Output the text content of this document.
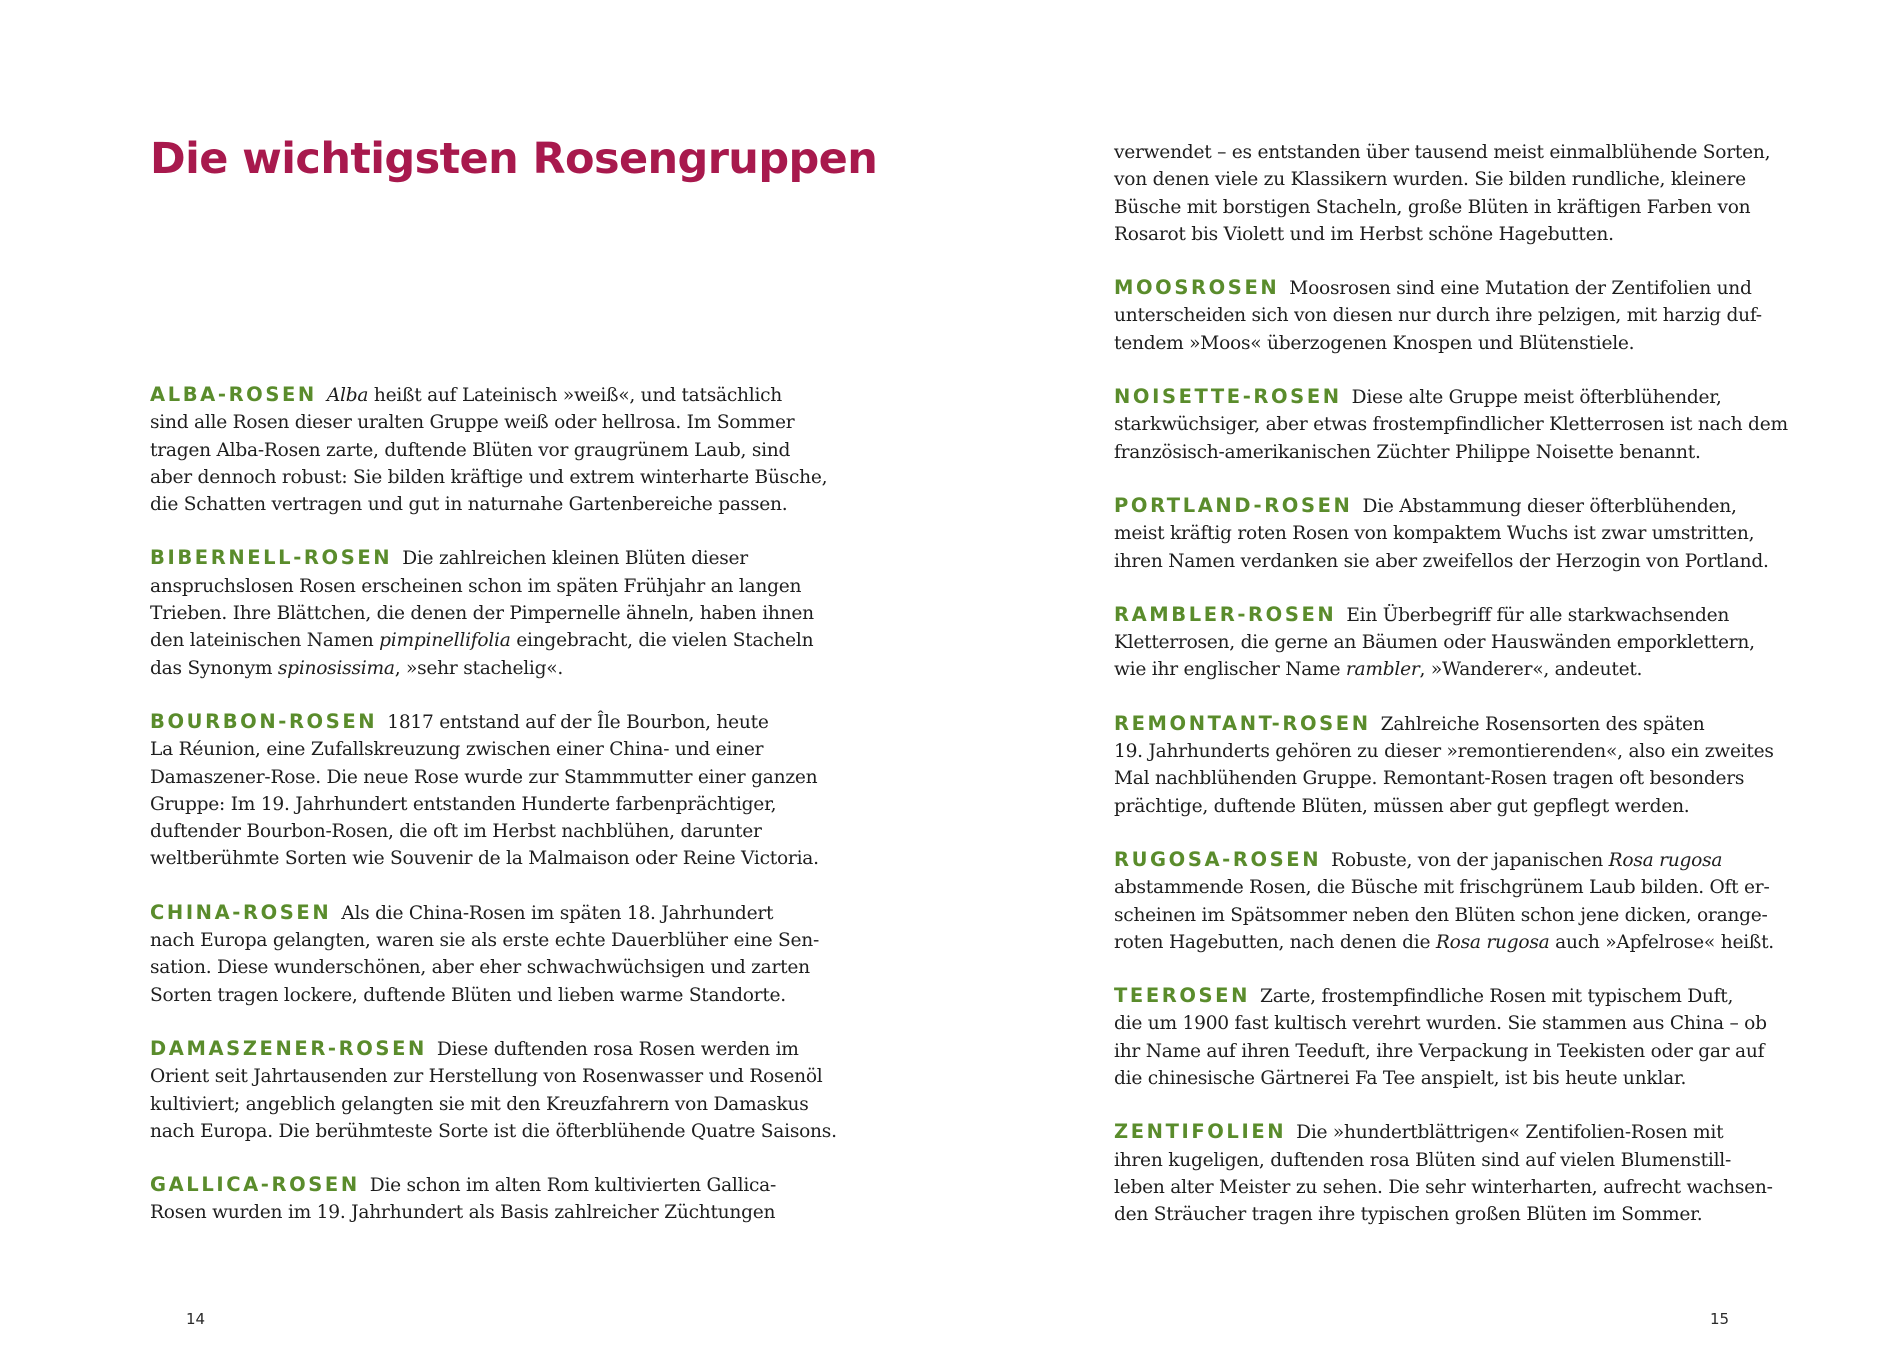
Die wichtigsten Rosengruppen

ALBA-ROSEN Alba heißt auf Lateinisch »weiß«, und tatsächlich
sind alle Rosen dieser uralten Gruppe weiß oder hellrosa. Im Sommer
tragen Alba-Rosen zarte, duftende Blüten vor graugrünem Laub, sind
aber dennoch robust: Sie bilden kräftige und extrem winterharte Büsche,
die Schatten vertragen und gut in naturnahe Gartenbereiche passen.

BIBERNELL-ROSEN Die zahlreichen kleinen Blüten dieser
anspruchslosen Rosen erscheinen schon im späten Frühjahr an langen
Trieben. Ihre Blättchen, die denen der Pimpernelle ähneln, haben ihnen
den lateinischen Namen pimpinellifolia eingebracht, die vielen Stacheln
das Synonym spinosissima, »sehr stachelig«.

BOURBON-ROSEN 1817 entstand auf der Île Bourbon, heute
La Réunion, eine Zufallskreuzung zwischen einer China- und einer
Damaszener-Rose. Die neue Rose wurde zur Stammmutter einer ganzen
Gruppe: Im 19. Jahrhundert entstanden Hunderte farbenprächtiger,
duftender Bourbon-Rosen, die oft im Herbst nachblühen, darunter
weltberühmte Sorten wie Souvenir de la Malmaison oder Reine Victoria.

CHINA-ROSEN Als die China-Rosen im späten 18. Jahrhundert
nach Europa gelangten, waren sie als erste echte Dauerblüher eine Sen-
sation. Diese wunderschönen, aber eher schwachwüchsigen und zarten
Sorten tragen lockere, duftende Blüten und lieben warme Standorte.

DAMASZENER-ROSEN Diese duftenden rosa Rosen werden im
Orient seit Jahrtausenden zur Herstellung von Rosenwasser und Rosenöl
kultiviert; angeblich gelangten sie mit den Kreuzfahrern von Damaskus
nach Europa. Die berühmteste Sorte ist die öfterblühende Quatre Saisons.

GALLICA-ROSEN Die schon im alten Rom kultivierten Gallica-
Rosen wurden im 19. Jahrhundert als Basis zahlreicher Züchtungen

14

verwendet – es entstanden über tausend meist einmalblühende Sorten,
von denen viele zu Klassikern wurden. Sie bilden rundliche, kleinere
Büsche mit borstigen Stacheln, große Blüten in kräftigen Farben von
Rosarot bis Violett und im Herbst schöne Hagebutten.

MOOSROSEN Moosrosen sind eine Mutation der Zentifolien und
unterscheiden sich von diesen nur durch ihre pelzigen, mit harzig duf-
tendem »Moos« überzogenen Knospen und Blütenstiele.

NOISETTE-ROSEN Diese alte Gruppe meist öfterblühender,
starkwüchsiger, aber etwas frostempfindlicher Kletterrosen ist nach dem
französisch-amerikanischen Züchter Philippe Noisette benannt.

PORTLAND-ROSEN Die Abstammung dieser öfterblühenden,
meist kräftig roten Rosen von kompaktem Wuchs ist zwar umstritten,
ihren Namen verdanken sie aber zweifellos der Herzogin von Portland.

RAMBLER-ROSEN Ein Überbegriff für alle starkwachsenden
Kletterrosen, die gerne an Bäumen oder Hauswänden emporklettern,
wie ihr englischer Name rambler, »Wanderer«, andeutet.

REMONTANT-ROSEN Zahlreiche Rosensorten des späten
19. Jahrhunderts gehören zu dieser »remontierenden«, also ein zweites
Mal nachblühenden Gruppe. Remontant-Rosen tragen oft besonders
prächtige, duftende Blüten, müssen aber gut gepflegt werden.

RUGOSA-ROSEN Robuste, von der japanischen Rosa rugosa
abstammende Rosen, die Büsche mit frischgrünem Laub bilden. Oft er-
scheinen im Spätsommer neben den Blüten schon jene dicken, orange-
roten Hagebutten, nach denen die Rosa rugosa auch »Apfelrose« heißt.

TEEROSEN Zarte, frostempfindliche Rosen mit typischem Duft,
die um 1900 fast kultisch verehrt wurden. Sie stammen aus China – ob
ihr Name auf ihren Teeduft, ihre Verpackung in Teekisten oder gar auf
die chinesische Gärtnerei Fa Tee anspielt, ist bis heute unklar.

ZENTIFOLIEN Die »hundertblättrigen« Zentifolien-Rosen mit
ihren kugeligen, duftenden rosa Blüten sind auf vielen Blumenstill-
leben alter Meister zu sehen. Die sehr winterharten, aufrecht wachsen-
den Sträucher tragen ihre typischen großen Blüten im Sommer.

15
